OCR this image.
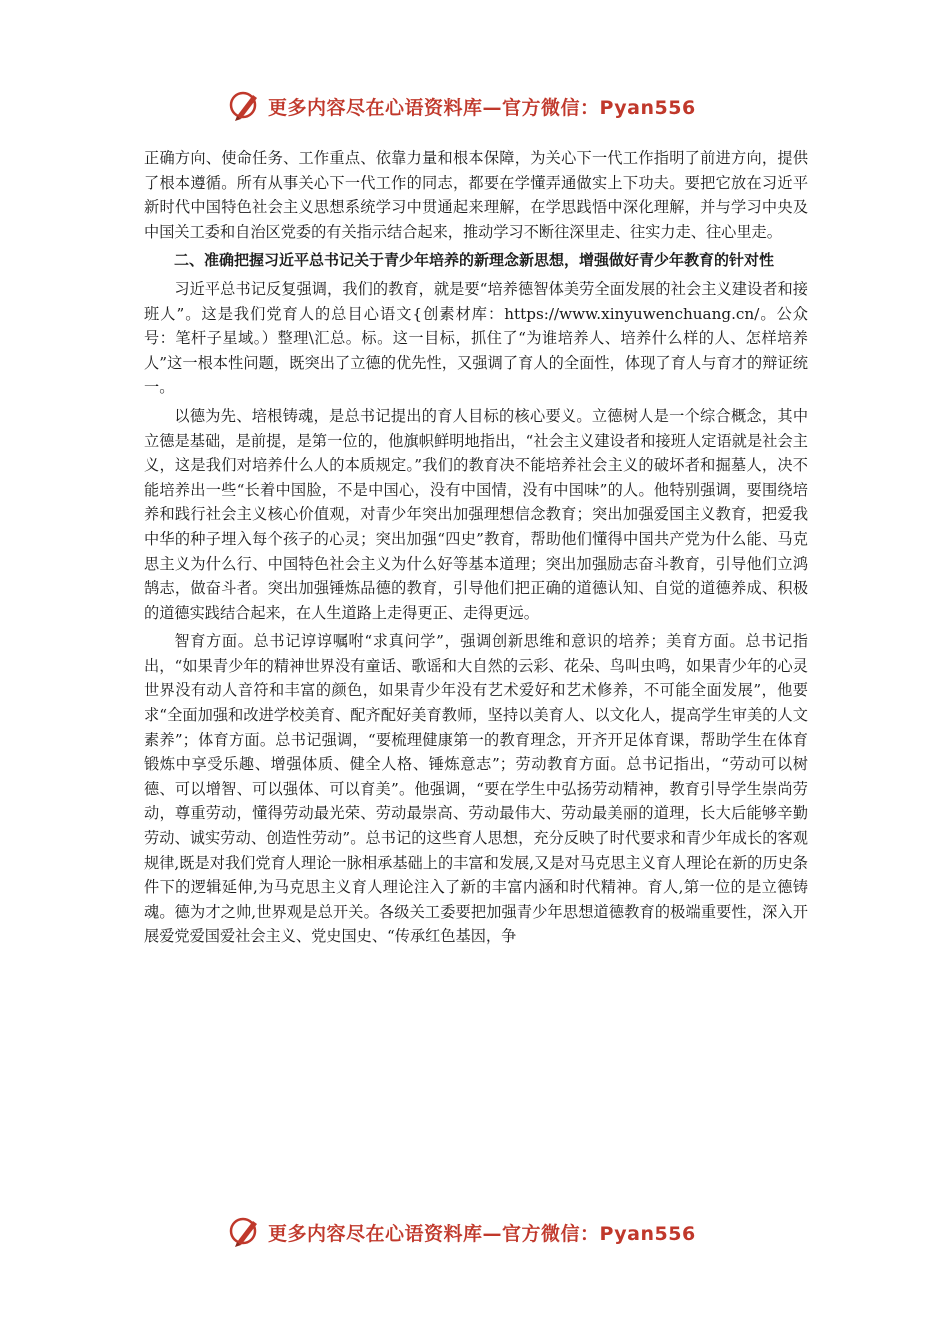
更多内容尽在心语资料库—官方微信：Pyan556

正确方向、使命任务、工作重点、依靠力量和根本保障，为关心下一代工作指明了前进方向，提供了根本遵循。所有从事关心下一代工作的同志，都要在学懂弄通做实上下功夫。要把它放在习近平新时代中国特色社会主义思想系统学习中贯通起来理解，在学思践悟中深化理解，并与学习中央及中国关工委和自治区党委的有关指示结合起来，推动学习不断往深里走、往实力走、往心里走。

二、准确把握习近平总书记关于青少年培养的新理念新思想，增强做好青少年教育的针对性

习近平总书记反复强调，我们的教育，就是要“培养德智体美劳全面发展的社会主义建设者和接班人”。这是我们党育人的总目心语文{创素材库：https://www.xinyuwenchuang.cn/。公众号：笔杆子星域。）整理\汇总。标。这一目标，抓住了“为谁培养人、培养什么样的人、怎样培养人”这一根本性问题，既突出了立德的优先性，又强调了育人的全面性，体现了育人与育才的辩证统一。

以德为先、培根铸魂，是总书记提出的育人目标的核心要义。立德树人是一个综合概念，其中立德是基础，是前提，是第一位的，他旗帜鲜明地指出，“社会主义建设者和接班人定语就是社会主义，这是我们对培养什么人的本质规定。”我们的教育决不能培养社会主义的破坏者和掘墓人，决不能培养出一些“长着中国脸，不是中国心，没有中国情，没有中国味”的人。他特别强调，要围绕培养和践行社会主义核心价值观，对青少年突出加强理想信念教育；突出加强爱国主义教育，把爱我中华的种子埋入每个孩子的心灵；突出加强“四史”教育，帮助他们懂得中国共产党为什么能、马克思主义为什么行、中国特色社会主义为什么好等基本道理；突出加强励志奋斗教育，引导他们立鸿鹄志，做奋斗者。突出加强锤炼品德的教育，引导他们把正确的道德认知、自觉的道德养成、积极的道德实践结合起来，在人生道路上走得更正、走得更远。

智育方面。总书记谆谆嘱咐“求真问学”，强调创新思维和意识的培养；美育方面。总书记指出，“如果青少年的精神世界没有童话、歌谣和大自然的云彩、花朵、鸟叫虫鸣，如果青少年的心灵世界没有动人音符和丰富的颜色，如果青少年没有艺术爱好和艺术修养，不可能全面发展”，他要求“全面加强和改进学校美育、配齐配好美育教师，坚持以美育人、以文化人，提高学生审美的人文素养”；体育方面。总书记强调，“要梳理健康第一的教育理念，开齐开足体育课，帮助学生在体育锻炼中享受乐趣、增强体质、健全人格、锤炼意志”；劳动教育方面。总书记指出，“劳动可以树德、可以增智、可以强体、可以育美”。他强调，“要在学生中弘扬劳动精神，教育引导学生崇尚劳动，尊重劳动，懂得劳动最光荣、劳动最崇高、劳动最伟大、劳动最美丽的道理，长大后能够辛勤劳动、诚实劳动、创造性劳动”。总书记的这些育人思想，充分反映了时代要求和青少年成长的客观规律,既是对我们党育人理论一脉相承基础上的丰富和发展,又是对马克思主义育人理论在新的历史条件下的逻辑延伸,为马克思主义育人理论注入了新的丰富内涵和时代精神。育人,第一位的是立德铸魂。德为才之帅,世界观是总开关。各级关工委要把加强青少年思想道德教育的极端重要性，深入开展爱党爱国爱社会主义、党史国史、“传承红色基因，争

更多内容尽在心语资料库—官方微信：Pyan556
